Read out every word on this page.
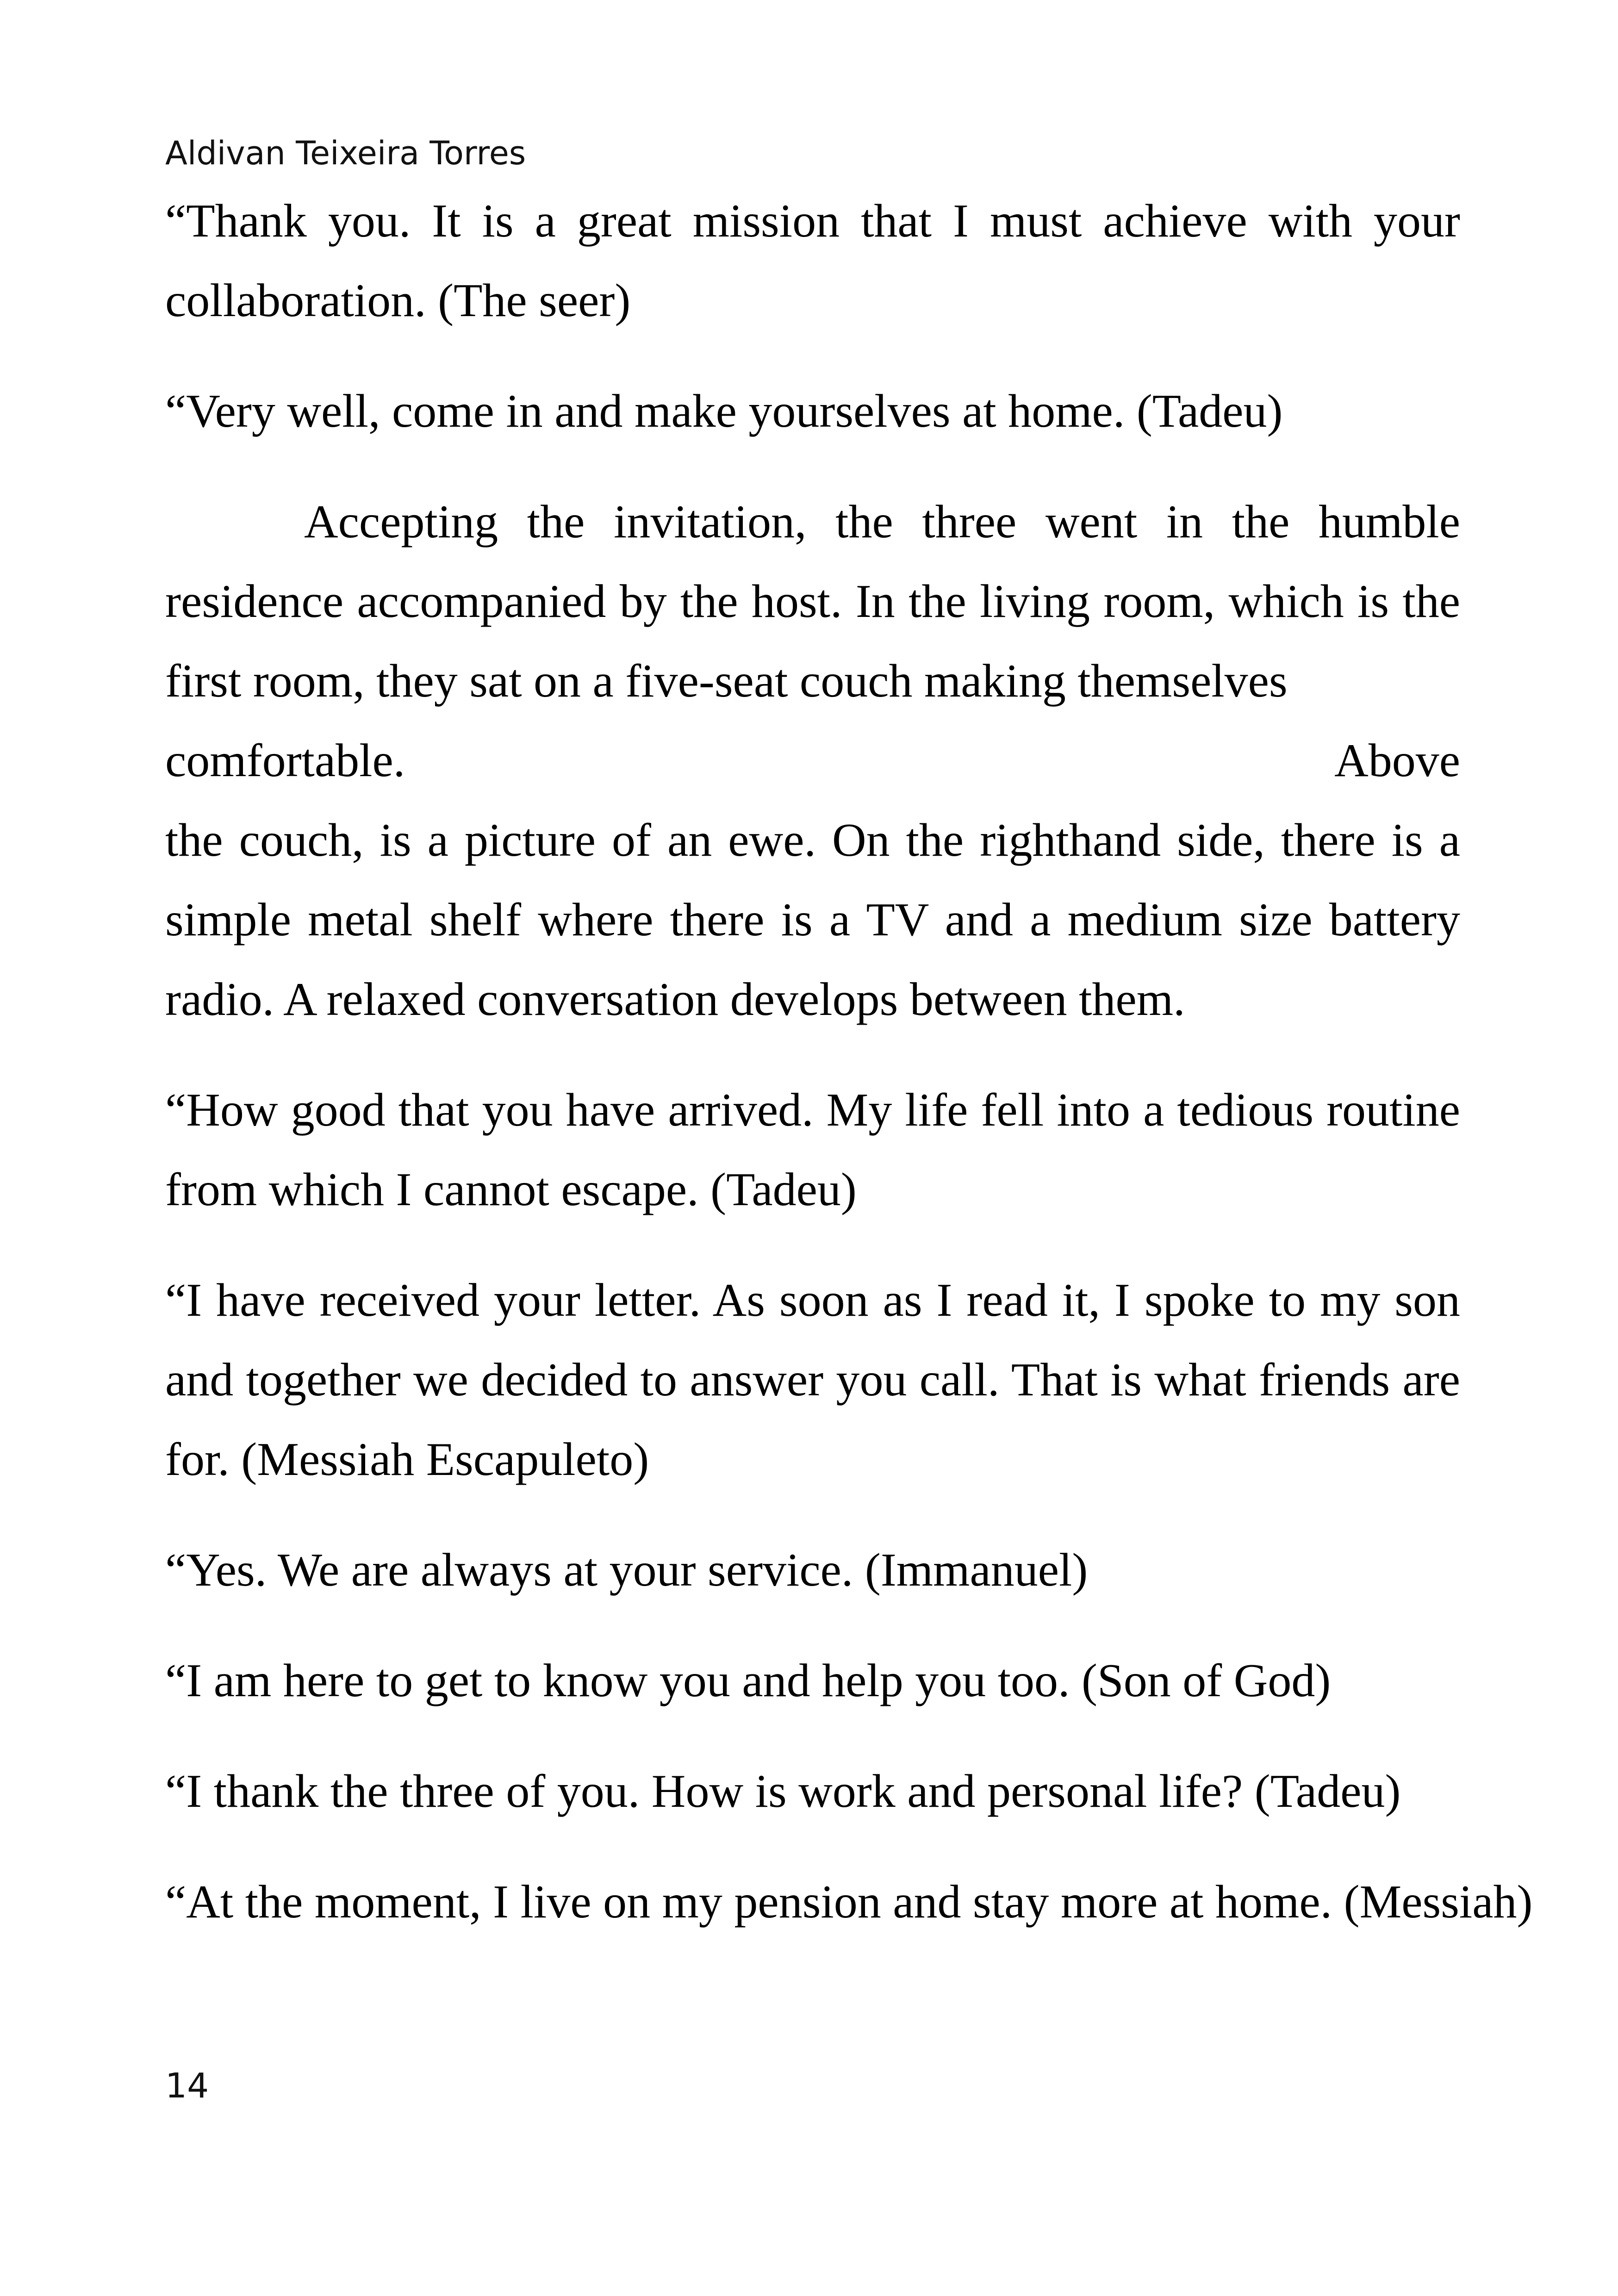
Aldivan Teixeira Torres

“Thank you. It is a great mission that I must achieve with your collaboration. (The seer)

“Very well, come in and make yourselves at home. (Tadeu)

Accepting the invitation, the three went in the humble residence accompanied by the host. In the living room, which is the first room, they sat on a five-seat couch making themselves

comfortable.	Above

the couch, is a picture of an ewe. On the righthand side, there is a simple metal shelf where there is a TV and a medium size battery radio. A relaxed conversation develops between them.

“How good that you have arrived. My life fell into a tedious routine from which I cannot escape. (Tadeu)

“I have received your letter. As soon as I read it, I spoke to my son and together we decided to answer you call. That is what friends are for. (Messiah Escapuleto)

“Yes. We are always at your service. (Immanuel)

“I am here to get to know you and help you too. (Son of God)

“I thank the three of you. How is work and personal life? (Tadeu)

“At the moment, I live on my pension and stay more at home. (Messiah)

14
